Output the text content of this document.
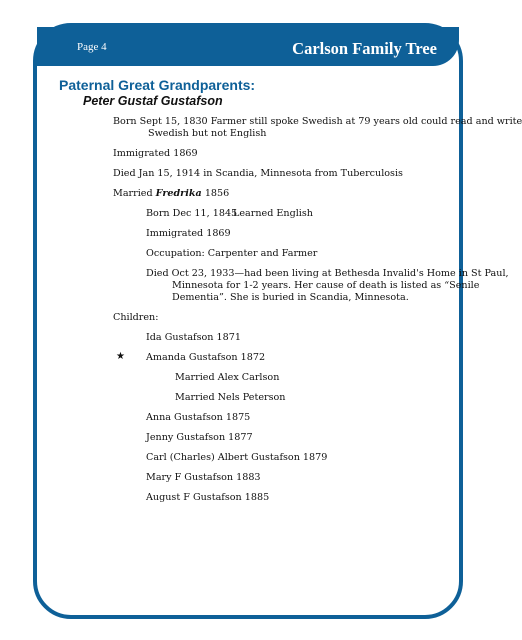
Page 4	Carlson Family Tree
Paternal Great Grandparents:
Peter Gustaf Gustafson
Born Sept 15, 1830 Farmer still spoke Swedish at 79 years old could read and write
Swedish but not English
Immigrated 1869
Died Jan 15, 1914 in Scandia, Minnesota from Tuberculosis
Married Fredrika 1856
Born Dec 11, 1845
Learned English
Immigrated 1869
Occupation: Carpenter and Farmer
Died Oct 23, 1933—had been living at Bethesda Invalid's Home in St Paul,
Minnesota for 1-2 years. Her cause of death is listed as “Senile
Dementia”. She is buried in Scandia, Minnesota.
Children:
Ida Gustafson 1871
★ Amanda Gustafson 1872
Married Alex Carlson
Married Nels Peterson
Anna Gustafson 1875
Jenny Gustafson 1877
Carl (Charles) Albert Gustafson 1879
Mary F Gustafson 1883
August F Gustafson 1885
